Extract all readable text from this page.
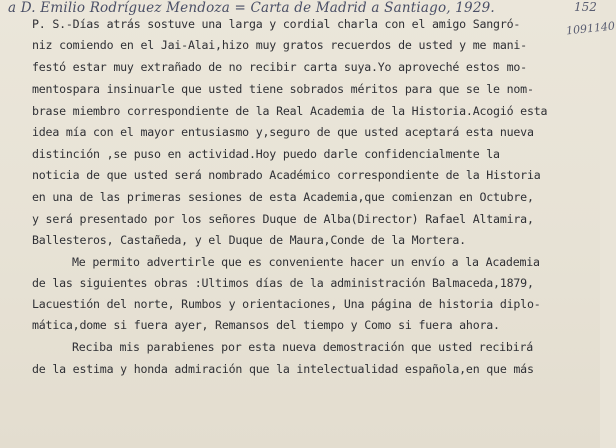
a D. Emilio Rodríguez Mendoza = Carta de Madrid a Santiago, 1929.	152
1091140
P. S.-Días atrás sostuve una larga y cordial charla con el amigo Sangró-
niz comiendo en el Jai-Alai,hizo muy gratos recuerdos de usted y me mani-
festó estar muy extrañado de no recibir carta suya.Yo aproveché estos mo-
mentospara insinuarle que usted tiene sobrados méritos para que se le nom-
brase miembro correspondiente de la Real Academia de la Historia.Acogió esta
idea mía con el mayor entusiasmo y,seguro de que usted aceptará esta nueva
distinción ,se puso en actividad.Hoy puedo darle confidencialmente la
noticia de que usted será nombrado Académico correspondiente de la Historia
en una de las primeras sesiones de esta Academia,que comienzan en Octubre,
y será presentado por los señores Duque de Alba(Director) Rafael Altamira,
Ballesteros, Castañeda, y el Duque de Maura,Conde de la Mortera.
Me permito advertirle que es conveniente hacer un envío a la Academia
de las siguientes obras :Ultimos días de la administración Balmaceda,1879,
Lacuestión del norte, Rumbos y orientaciones, Una página de historia diplo-
mática,dome si fuera ayer, Remansos del tiempo y Como si fuera ahora.
Reciba mis parabienes por esta nueva demostración que usted recibirá
de la estima y honda admiración que la intelectualidad española,en que más
